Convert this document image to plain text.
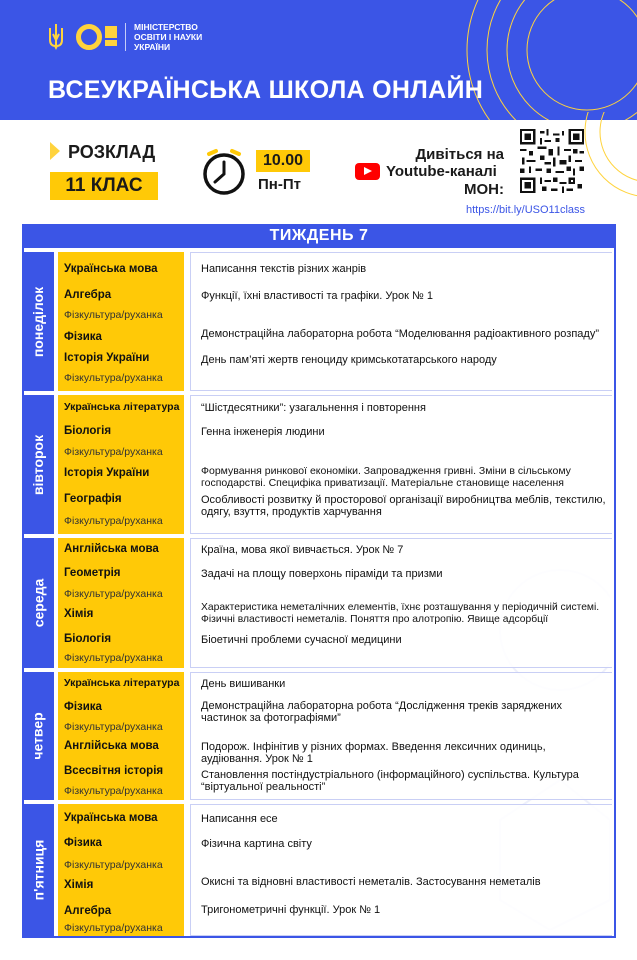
МІНІСТЕРСТВО
ОСВІТИ І НАУКИ
УКРАЇНИ
ВСЕУКРАЇНСЬКА ШКОЛА ОНЛАЙН
РОЗКЛАД
11 КЛАС
10.00
Пн-Пт
Дивіться на
Youtube-каналі
МОН:
https://bit.ly/USO11class
ТИЖДЕНЬ 7
понеділок
Українська мова
Алгебра
Фізкультура/руханка
Фізика
Історія України
Фізкультура/руханка
Написання текстів різних жанрів
Функції, їхні властивості та графіки. Урок № 1
Демонстраційна лабораторна робота “Моделювання радіоактивного розпаду”
День пам’яті жертв геноциду кримськотатарського народу
вівторок
Українська література
Біологія
Фізкультура/руханка
Історія України
Географія
Фізкультура/руханка
“Шістдесятники”: узагальнення і повторення
Генна інженерія людини
Формування ринкової економіки. Запровадження гривні. Зміни в сільському господарстві. Специфіка приватизації. Матеріальне становище населення
Особливості розвитку й просторової організації виробництва меблів, текстилю, одягу, взуття, продуктів харчування
середа
Англійська мова
Геометрія
Фізкультура/руханка
Хімія
Біологія
Фізкультура/руханка
Країна, мова якої вивчається. Урок № 7
Задачі на площу поверхонь піраміди та призми
Характеристика неметалічних елементів, їхнє розташування у періодичній системі. Фізичні властивості неметалів. Поняття про алотропію. Явище адсорбції
Біоетичні проблеми сучасної медицини
четвер
Українська література
Фізика
Фізкультура/руханка
Англійська мова
Всесвітня історія
Фізкультура/руханка
День вишиванки
Демонстраційна лабораторна робота “Дослідження треків заряджених частинок за фотографіями”
Подорож. Інфінітив у різних формах. Введення лексичних одиниць, аудіювання. Урок № 1
Становлення постіндустріального (інформаційного) суспільства. Культура “віртуальної реальності”
п'ятниця
Українська мова
Фізика
Фізкультура/руханка
Хімія
Алгебра
Фізкультура/руханка
Написання есе
Фізична картина світу
Окисні та відновні властивості неметалів. Застосування неметалів
Тригонометричні функції. Урок № 1
